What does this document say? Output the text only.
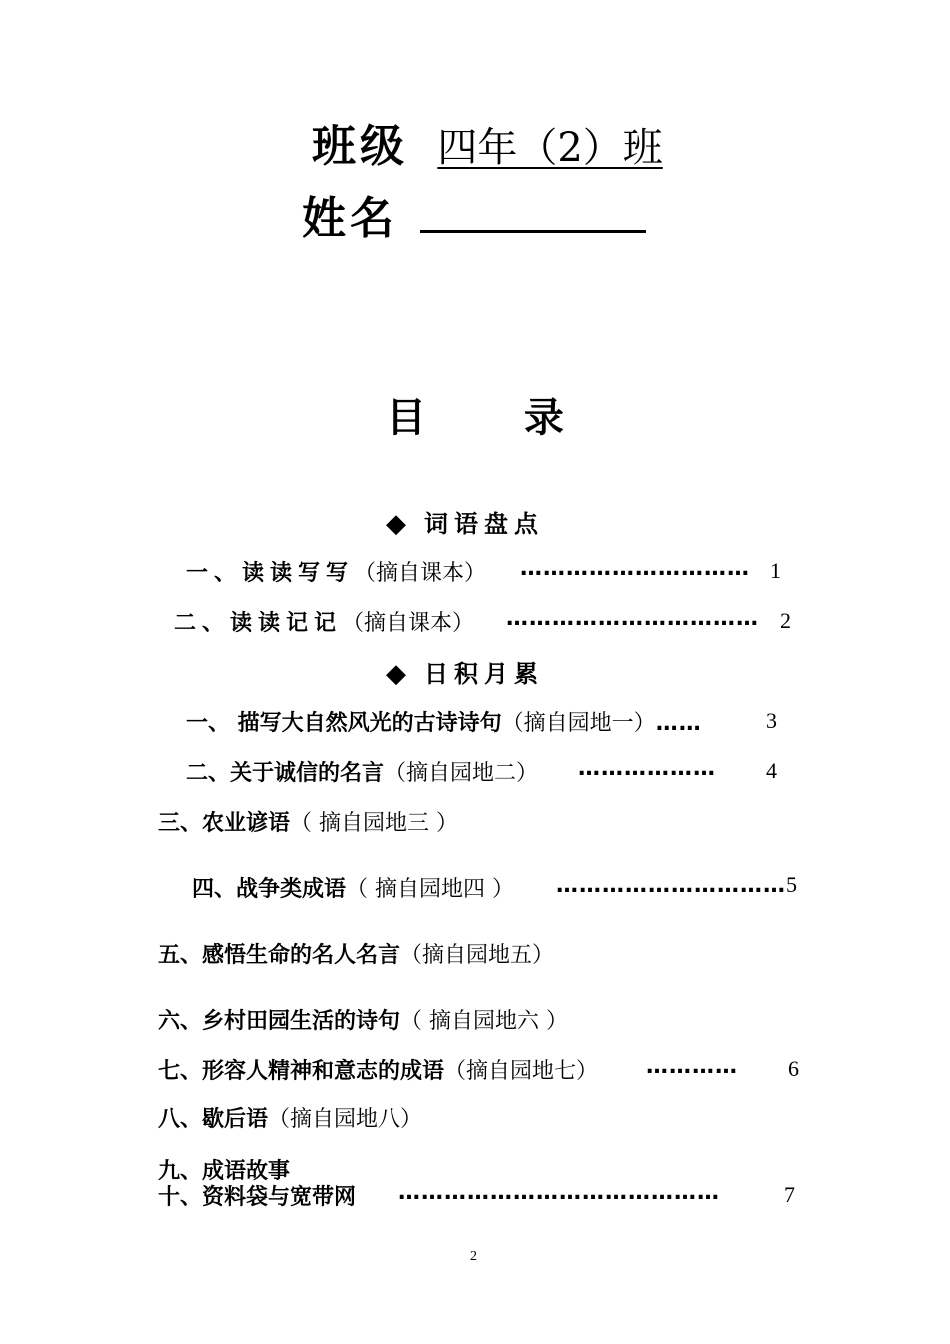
班级 四年（2）班
姓名
目 录
◆ 词语盘点
一、读读写写（摘自课本） ………………………… 1
二、读读记记（摘自课本） …………………………… 2
◆ 日积月累
一、 描写大自然风光的古诗诗句（摘自园地一）……	3
二、关于诚信的名言（摘自园地二） ……………… 4
三、农业谚语（ 摘自园地三 ）
四、战争类成语（ 摘自园地四 ） …………………………5
五、感悟生命的名人名言（摘自园地五）
六、乡村田园生活的诗句（ 摘自园地六 ）
七、形容人精神和意志的成语（摘自园地七） ………… 6
八、歇后语（摘自园地八）
九、成语故事
十、资料袋与宽带网 ……………………………………	7
2
